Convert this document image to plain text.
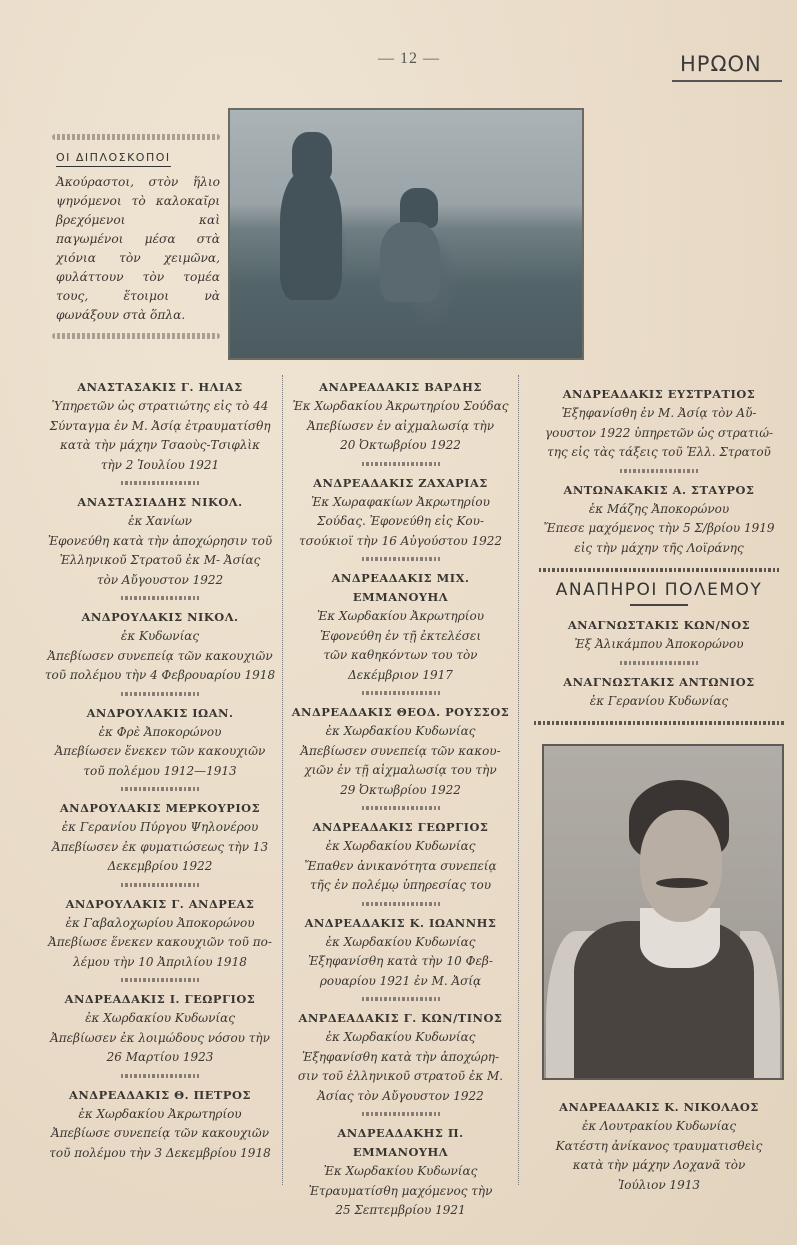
— 12 —	ΗΡΩΟΝ
ΟΙ ΔΙΠΛΟΣΚΟΠΟΙ
Ἀκούραστοι, στὸν ἥλιο ψηνόμενοι τὸ καλοκαῖρι βρεχόμενοι καὶ παγωμένοι μέσα στὰ χιόνια τὸν χειμῶνα, φυλάττουν τὸν τομέα τους, ἕτοιμοι νὰ φωνάξουν στὰ ὅπλα.
ΑΝΑΣΤΑΣΑΚΙΣ Γ. ΗΛΙΑΣ
Ὑπηρετῶν ὡς στρατιώτης εἰς τὸ 44
Σύνταγμα ἐν Μ. Ἀσίᾳ ἐτραυματίσθη
κατὰ τὴν μάχην Τσαοὺς-Τσιφλὶκ
τὴν 2 Ἰουλίου 1921
ΑΝΑΣΤΑΣΙΑΔΗΣ ΝΙΚΟΛ.
ἐκ Χανίων
Ἐφονεύθη κατὰ τὴν ἀποχώρησιν τοῦ
Ἑλληνικοῦ Στρατοῦ ἐκ Μ- Ἀσίας
τὸν Αὔγουστον 1922
ΑΝΔΡΟΥΛΑΚΙΣ ΝΙΚΟΛ.
ἐκ Κυδωνίας
Ἀπεβίωσεν συνεπείᾳ τῶν κακουχιῶν
τοῦ πολέμου τὴν 4 Φεβρουαρίου 1918
ΑΝΔΡΟΥΛΑΚΙΣ ΙΩΑΝ.
ἐκ Φρὲ Ἀποκορώνου
Ἀπεβίωσεν ἕνεκεν τῶν κακουχιῶν
τοῦ πολέμου 1912—1913
ΑΝΔΡΟΥΛΑΚΙΣ ΜΕΡΚΟΥΡΙΟΣ
ἐκ Γερανίου Πύργου Ψηλονέρου
Ἀπεβίωσεν ἐκ φυματιώσεως τὴν 13
Δεκεμβρίου 1922
ΑΝΔΡΟΥΛΑΚΙΣ Γ. ΑΝΔΡΕΑΣ
ἐκ Γαβαλοχωρίου Ἀποκορώνου
Ἀπεβίωσε ἕνεκεν κακουχιῶν τοῦ πο-
λέμου τὴν 10 Ἀπριλίου 1918
ΑΝΔΡΕΑΔΑΚΙΣ Ι. ΓΕΩΡΓΙΟΣ
ἐκ Χωρδακίου Κυδωνίας
Ἀπεβίωσεν ἐκ λοιμώδους νόσου τὴν
26 Μαρτίου 1923
ΑΝΔΡΕΑΔΑΚΙΣ Θ. ΠΕΤΡΟΣ
ἐκ Χωρδακίου Ἀκρωτηρίου
Ἀπεβίωσε συνεπείᾳ τῶν κακουχιῶν
τοῦ πολέμου τὴν 3 Δεκεμβρίου 1918
ΑΝΔΡΕΑΔΑΚΙΣ ΒΑΡΔΗΣ
Ἐκ Χωρδακίου Ἀκρωτηρίου Σούδας
Ἀπεβίωσεν ἐν αἰχμαλωσίᾳ τὴν
20 Ὀκτωβρίου 1922
ΑΝΔΡΕΑΔΑΚΙΣ ΖΑΧΑΡΙΑΣ
Ἐκ Χωραφακίων Ἀκρωτηρίου
Σούδας. Ἐφονεύθη εἰς Κου-
τσούκιοϊ τὴν 16 Αὐγούστου 1922
ΑΝΔΡΕΑΔΑΚΙΣ ΜΙΧ. ΕΜΜΑΝΟΥΗΛ
Ἐκ Χωρδακίου Ἀκρωτηρίου
Ἐφονεύθη ἐν τῇ ἐκτελέσει
τῶν καθηκόντων του τὸν
Δεκέμβριον 1917
ΑΝΔΡΕΑΔΑΚΙΣ ΘΕΟΔ. ΡΟΥΣΣΟΣ
ἐκ Χωρδακίου Κυδωνίας
Ἀπεβίωσεν συνεπείᾳ τῶν κακου-
χιῶν ἐν τῇ αἰχμαλωσίᾳ του τὴν
29 Ὀκτωβρίου 1922
ΑΝΔΡΕΑΔΑΚΙΣ ΓΕΩΡΓΙΟΣ
ἐκ Χωρδακίου Κυδωνίας
Ἔπαθεν ἀνικανότητα συνεπείᾳ
τῆς ἐν πολέμῳ ὑπηρεσίας του
ΑΝΔΡΕΑΔΑΚΙΣ Κ. ΙΩΑΝΝΗΣ
ἐκ Χωρδακίου Κυδωνίας
Ἐξηφανίσθη κατὰ τὴν 10 Φεβ-
ρουαρίου 1921 ἐν Μ. Ἀσίᾳ
ΑΝΡΔΕΑΔΑΚΙΣ Γ. ΚΩΝ/ΤΙΝΟΣ
ἐκ Χωρδακίου Κυδωνίας
Ἐξηφανίσθη κατὰ τὴν ἀποχώρη-
σιν τοῦ ἑλληνικοῦ στρατοῦ ἐκ Μ.
Ἀσίας τὸν Αὔγουστον 1922
ΑΝΔΡΕΑΔΑΚΗΣ Π. ΕΜΜΑΝΟΥΗΛ
Ἐκ Χωρδακίου Κυδωνίας
Ἐτραυματίσθη μαχόμενος τὴν
25 Σεπτεμβρίου 1921
ΑΝΔΡΕΑΔΑΚΙΣ ΕΥΣΤΡΑΤΙΟΣ
Ἐξηφανίσθη ἐν Μ. Ἀσίᾳ τὸν Αὔ-
γουστον 1922 ὑπηρετῶν ὡς στρατιώ-
της εἰς τὰς τάξεις τοῦ Ἑλλ. Στρατοῦ
ΑΝΤΩΝΑΚΑΚΙΣ Α. ΣΤΑΥΡΟΣ
ἐκ Μάζης Ἀποκορώνου
Ἔπεσε μαχόμενος τὴν 5 Σ/βρίου 1919
εἰς τὴν μάχην τῆς Λοϊράνης
ΑΝΑΠΗΡΟΙ ΠΟΛΕΜΟΥ
ΑΝΑΓΝΩΣΤΑΚΙΣ ΚΩΝ/ΝΟΣ
Ἐξ Ἀλικάμπου Ἀποκορώνου
ΑΝΑΓΝΩΣΤΑΚΙΣ ΑΝΤΩΝΙΟΣ
ἐκ Γερανίου Κυδωνίας
ΑΝΔΡΕΑΔΑΚΙΣ Κ. ΝΙΚΟΛΑΟΣ
ἐκ Λουτρακίου Κυδωνίας
Κατέστη ἀνίκανος τραυματισθεὶς
κατὰ τὴν μάχην Λοχανᾶ τὸν
Ἰούλιον 1913
